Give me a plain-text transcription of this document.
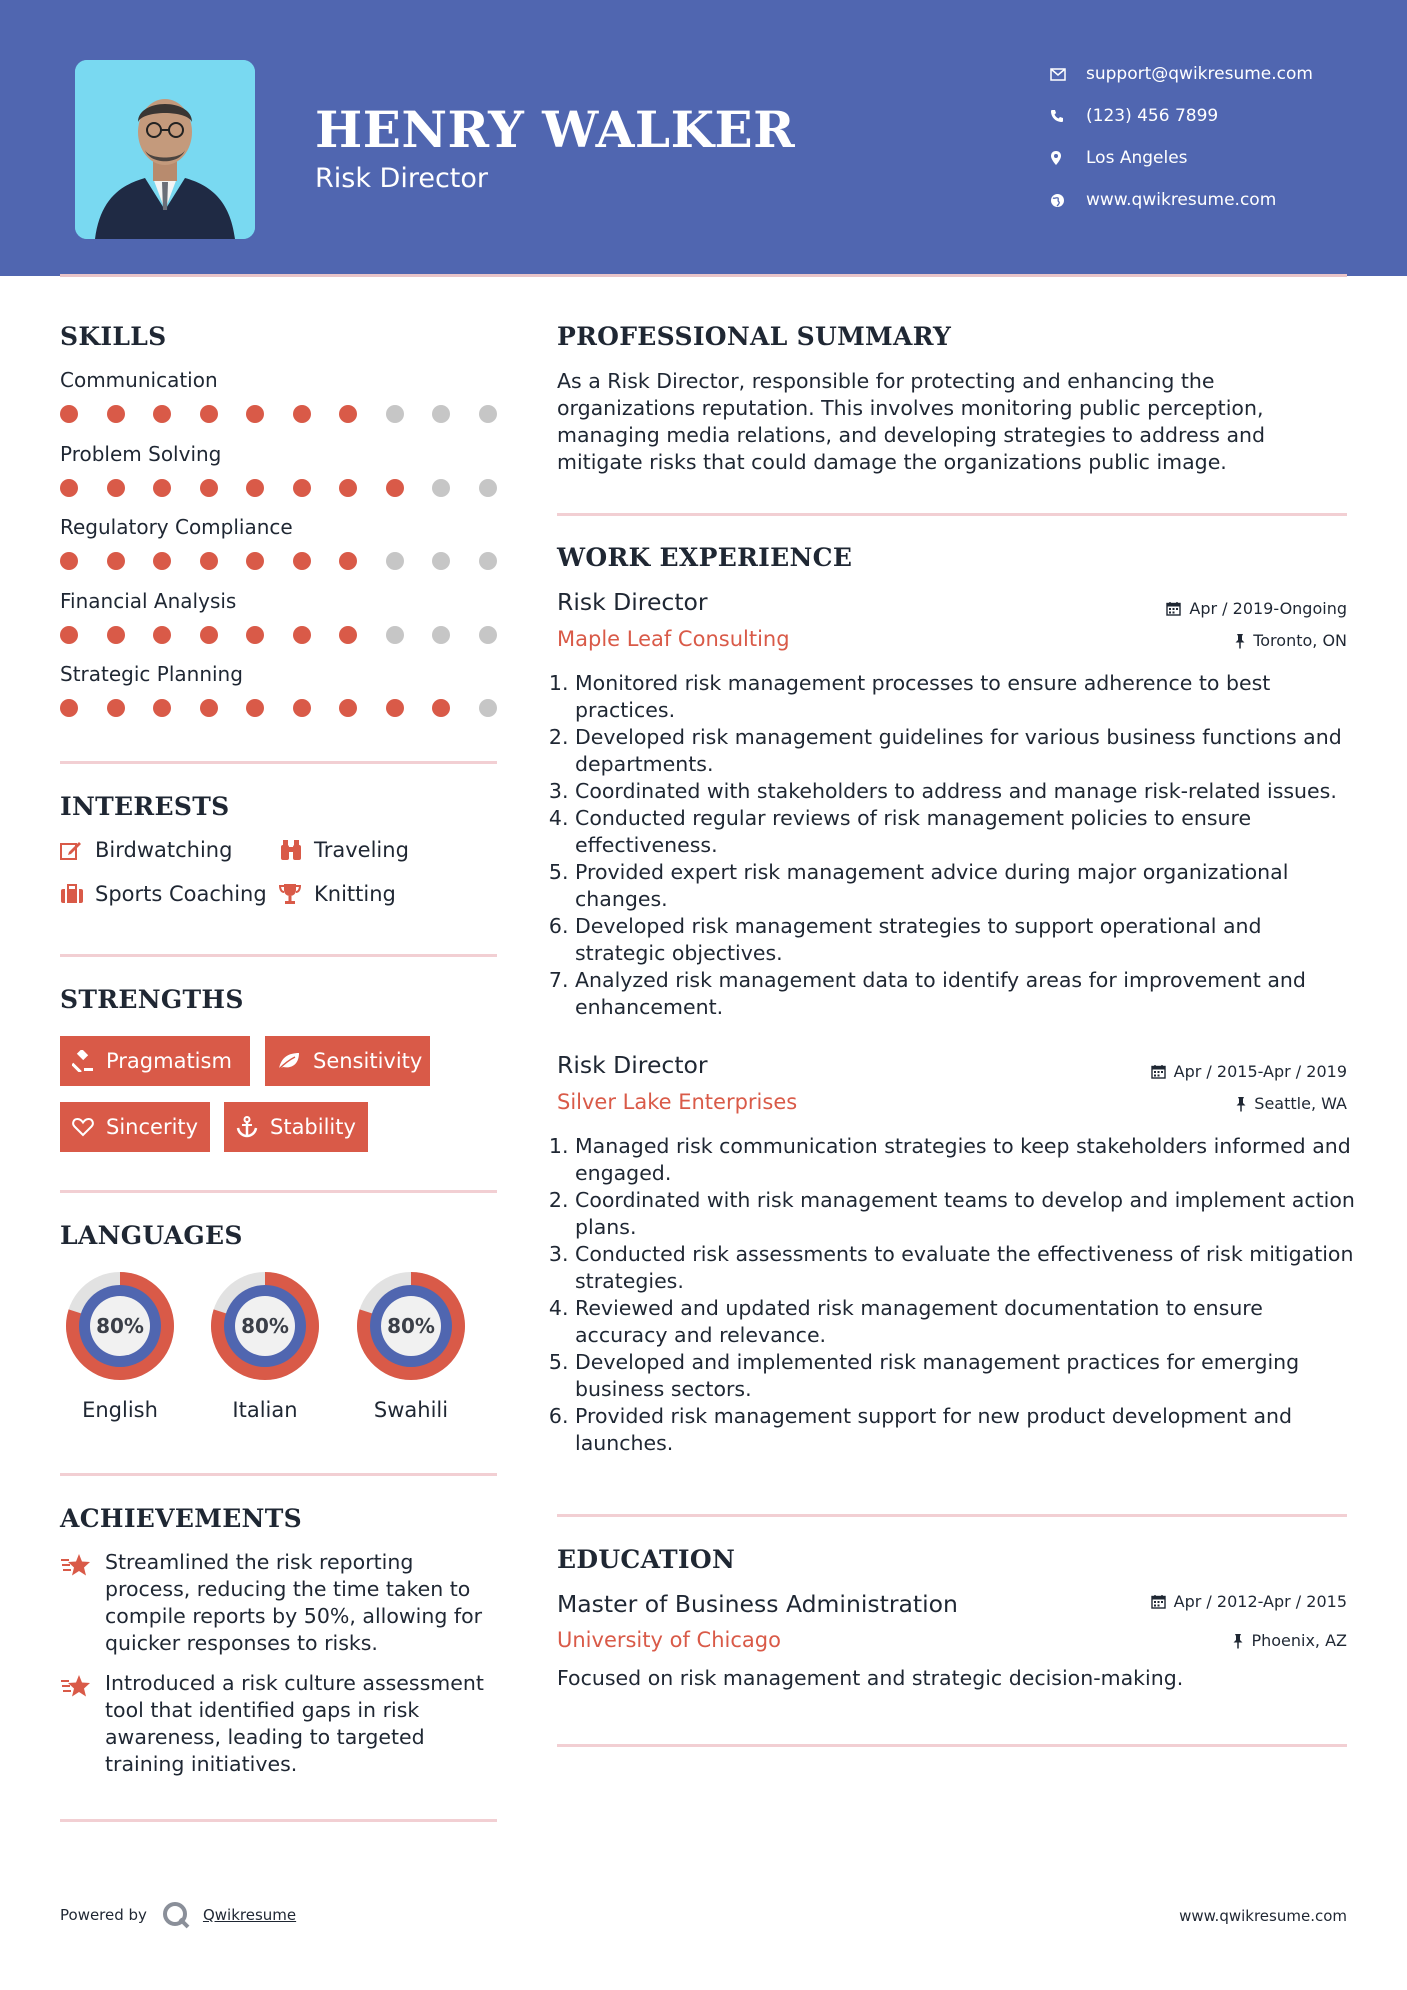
HENRY WALKER
Risk Director
support@qwikresume.com
(123) 456 7899
Los Angeles
www.qwikresume.com
SKILLS
Communication
Problem Solving
Regulatory Compliance
Financial Analysis
Strategic Planning
INTERESTS
Birdwatching	Traveling
Sports Coaching Knitting
STRENGTHS
Pragmatism	Sensitivity
Sincerity	Stability
LANGUAGES
80%
English
80%
Italian
80%
Swahili
ACHIEVEMENTS
Streamlined the risk reporting process, reducing the time taken to compile reports by 50%, allowing for quicker responses to risks.
Introduced a risk culture assessment tool that identified gaps in risk awareness, leading to targeted training initiatives.
PROFESSIONAL SUMMARY
As a Risk Director, responsible for protecting and enhancing the organizations reputation. This involves monitoring public perception, managing media relations, and developing strategies to address and mitigate risks that could damage the organizations public image.
WORK EXPERIENCE
Risk Director	Apr / 2019-Ongoing
Maple Leaf Consulting	Toronto, ON
1. Monitored risk management processes to ensure adherence to best practices.
2. Developed risk management guidelines for various business functions and departments.
3. Coordinated with stakeholders to address and manage risk-related issues.
4. Conducted regular reviews of risk management policies to ensure effectiveness.
5. Provided expert risk management advice during major organizational changes.
6. Developed risk management strategies to support operational and strategic objectives.
7. Analyzed risk management data to identify areas for improvement and enhancement.
Risk Director	Apr / 2015-Apr / 2019
Silver Lake Enterprises	Seattle, WA
1. Managed risk communication strategies to keep stakeholders informed and engaged.
2. Coordinated with risk management teams to develop and implement action plans.
3. Conducted risk assessments to evaluate the effectiveness of risk mitigation strategies.
4. Reviewed and updated risk management documentation to ensure accuracy and relevance.
5. Developed and implemented risk management practices for emerging business sectors.
6. Provided risk management support for new product development and launches.
EDUCATION
Master of Business Administration	Apr / 2012-Apr / 2015
University of Chicago	Phoenix, AZ
Focused on risk management and strategic decision-making.
Powered by	Qwikresume	www.qwikresume.com
